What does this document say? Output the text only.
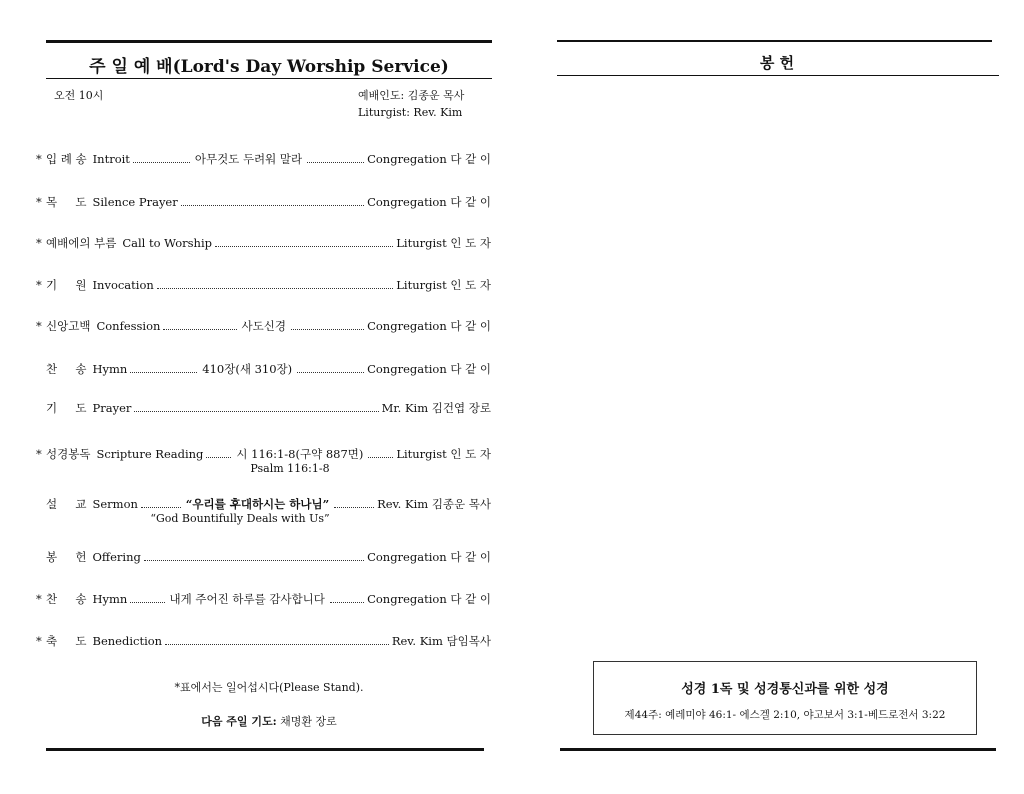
주 일 예 배(Lord's Day Worship Service)
오전 10시	예배인도: 김종운 목사
Liturgist: Rev. Kim
* 입 례 송 Introit	아무것도 두려워 말라	Congregation 다 같 이
* 목     도 Silence Prayer	Congregation 다 같 이
* 예배에의 부름 Call to Worship	Liturgist 인 도 자
* 기     원 Invocation	Liturgist 인 도 자
* 신앙고백 Confession	사도신경	Congregation 다 같 이
찬     송 Hymn	410장(새 310장)	Congregation 다 같 이
기     도 Prayer	Mr. Kim 김건엽 장로
* 성경봉독 Scripture Reading	시 116:1-8(구약 887면)	Liturgist 인 도 자
Psalm 116:1-8
설     교 Sermon	“우리를 후대하시는 하나님”	Rev. Kim 김종운 목사
“God Bountifully Deals with Us”
봉     헌 Offering	Congregation 다 같 이
* 찬     송 Hymn	내게 주어진 하루를 감사합니다	Congregation 다 같 이
* 축     도 Benediction	Rev. Kim 담임목사
*표에서는 일어섭시다(Please Stand).
다음 주일 기도: 채명환 장로
봉 헌
성경 1독 및 성경통신과를 위한 성경
제44주: 예레미야 46:1- 에스겔 2:10, 야고보서 3:1-베드로전서 3:22
